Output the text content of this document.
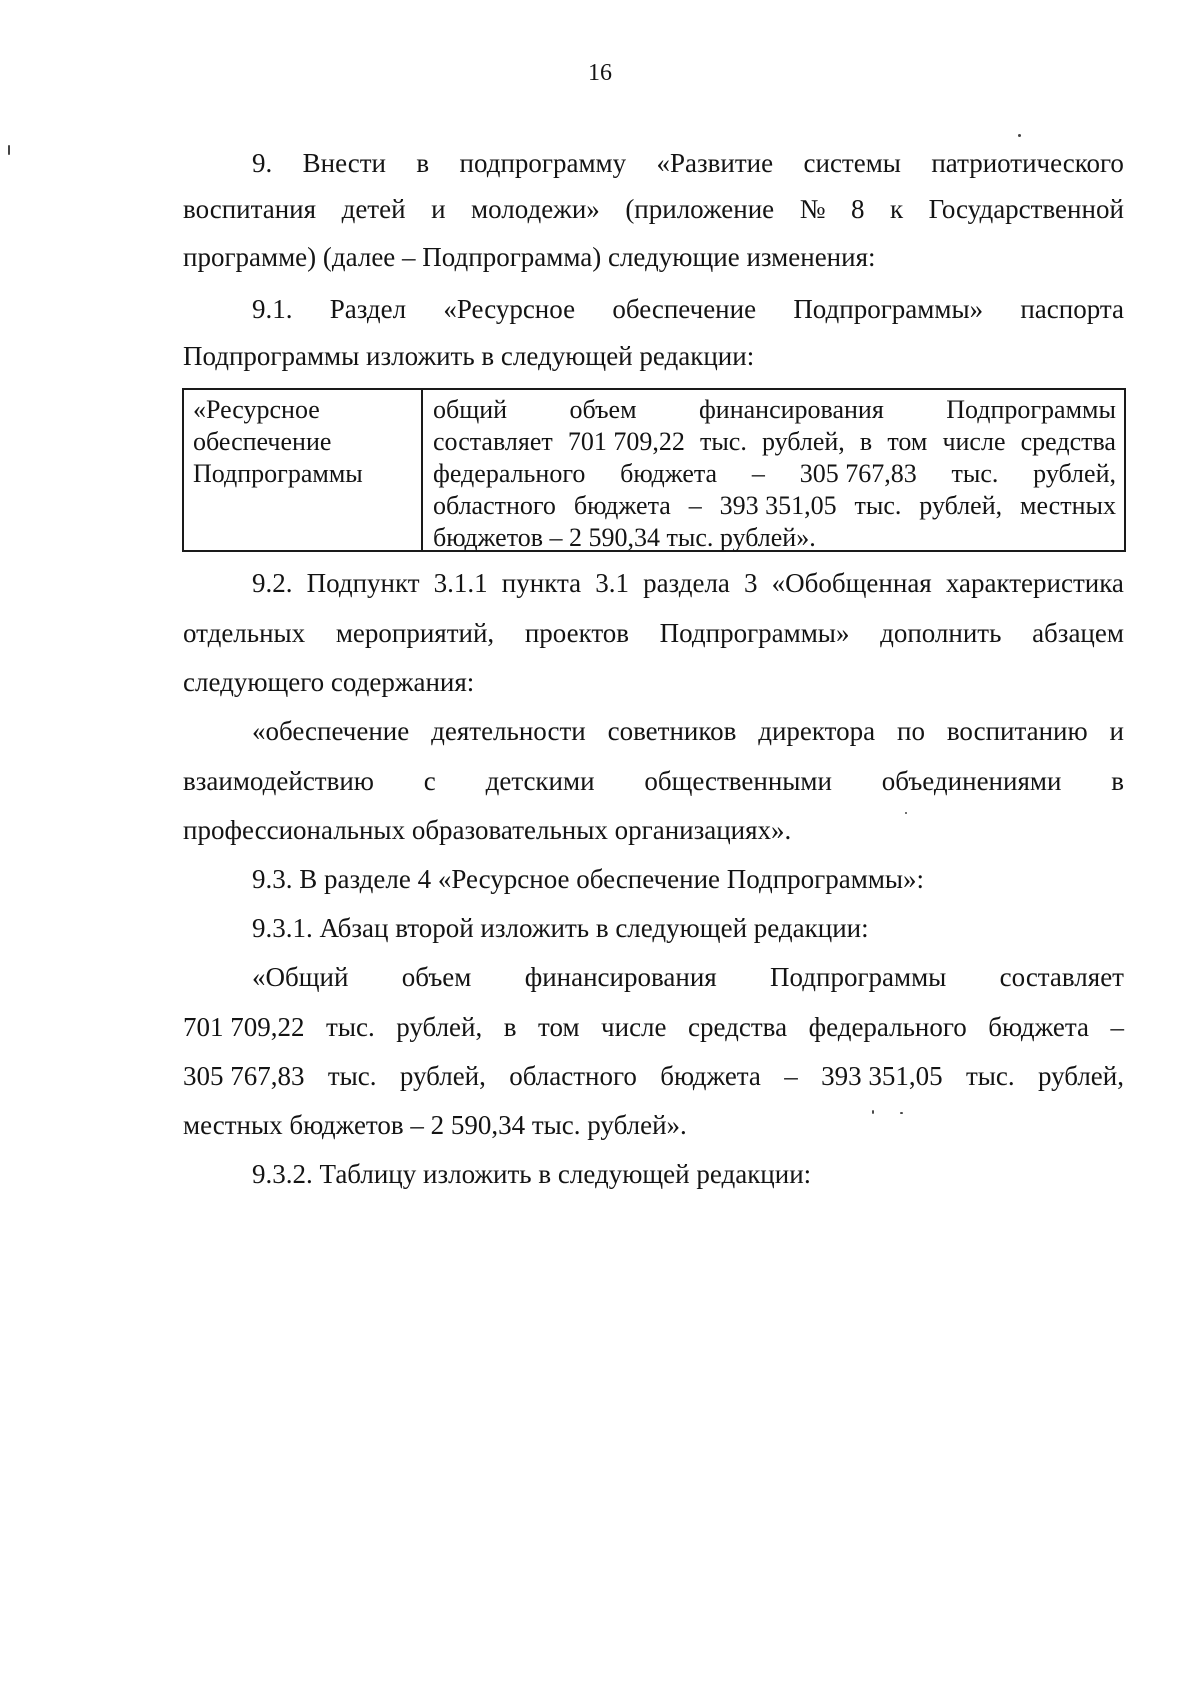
16
9. Внести в подпрограмму «Развитие системы патриотического
воспитания детей и молодежи» (приложение № 8 к Государственной
программе) (далее – Подпрограмма) следующие изменения:
9.1. Раздел «Ресурсное обеспечение Подпрограммы» паспорта
Подпрограммы изложить в следующей редакции:
«Ресурсное
обеспечение
Подпрограммы
общий объем финансирования Подпрограммы
составляет 701 709,22 тыс. рублей, в том числе средства
федерального бюджета – 305 767,83 тыс. рублей,
областного бюджета – 393 351,05 тыс. рублей, местных
бюджетов – 2 590,34 тыс. рублей».
9.2. Подпункт 3.1.1 пункта 3.1 раздела 3 «Обобщенная характеристика
отдельных мероприятий, проектов Подпрограммы» дополнить абзацем
следующего содержания:
«обеспечение деятельности советников директора по воспитанию и
взаимодействию с детскими общественными объединениями в
профессиональных образовательных организациях».
9.3. В разделе 4 «Ресурсное обеспечение Подпрограммы»:
9.3.1. Абзац второй изложить в следующей редакции:
«Общий объем финансирования Подпрограммы составляет
701 709,22 тыс. рублей, в том числе средства федерального бюджета –
305 767,83 тыс. рублей, областного бюджета – 393 351,05 тыс. рублей,
местных бюджетов – 2 590,34 тыс. рублей».
9.3.2. Таблицу изложить в следующей редакции:
